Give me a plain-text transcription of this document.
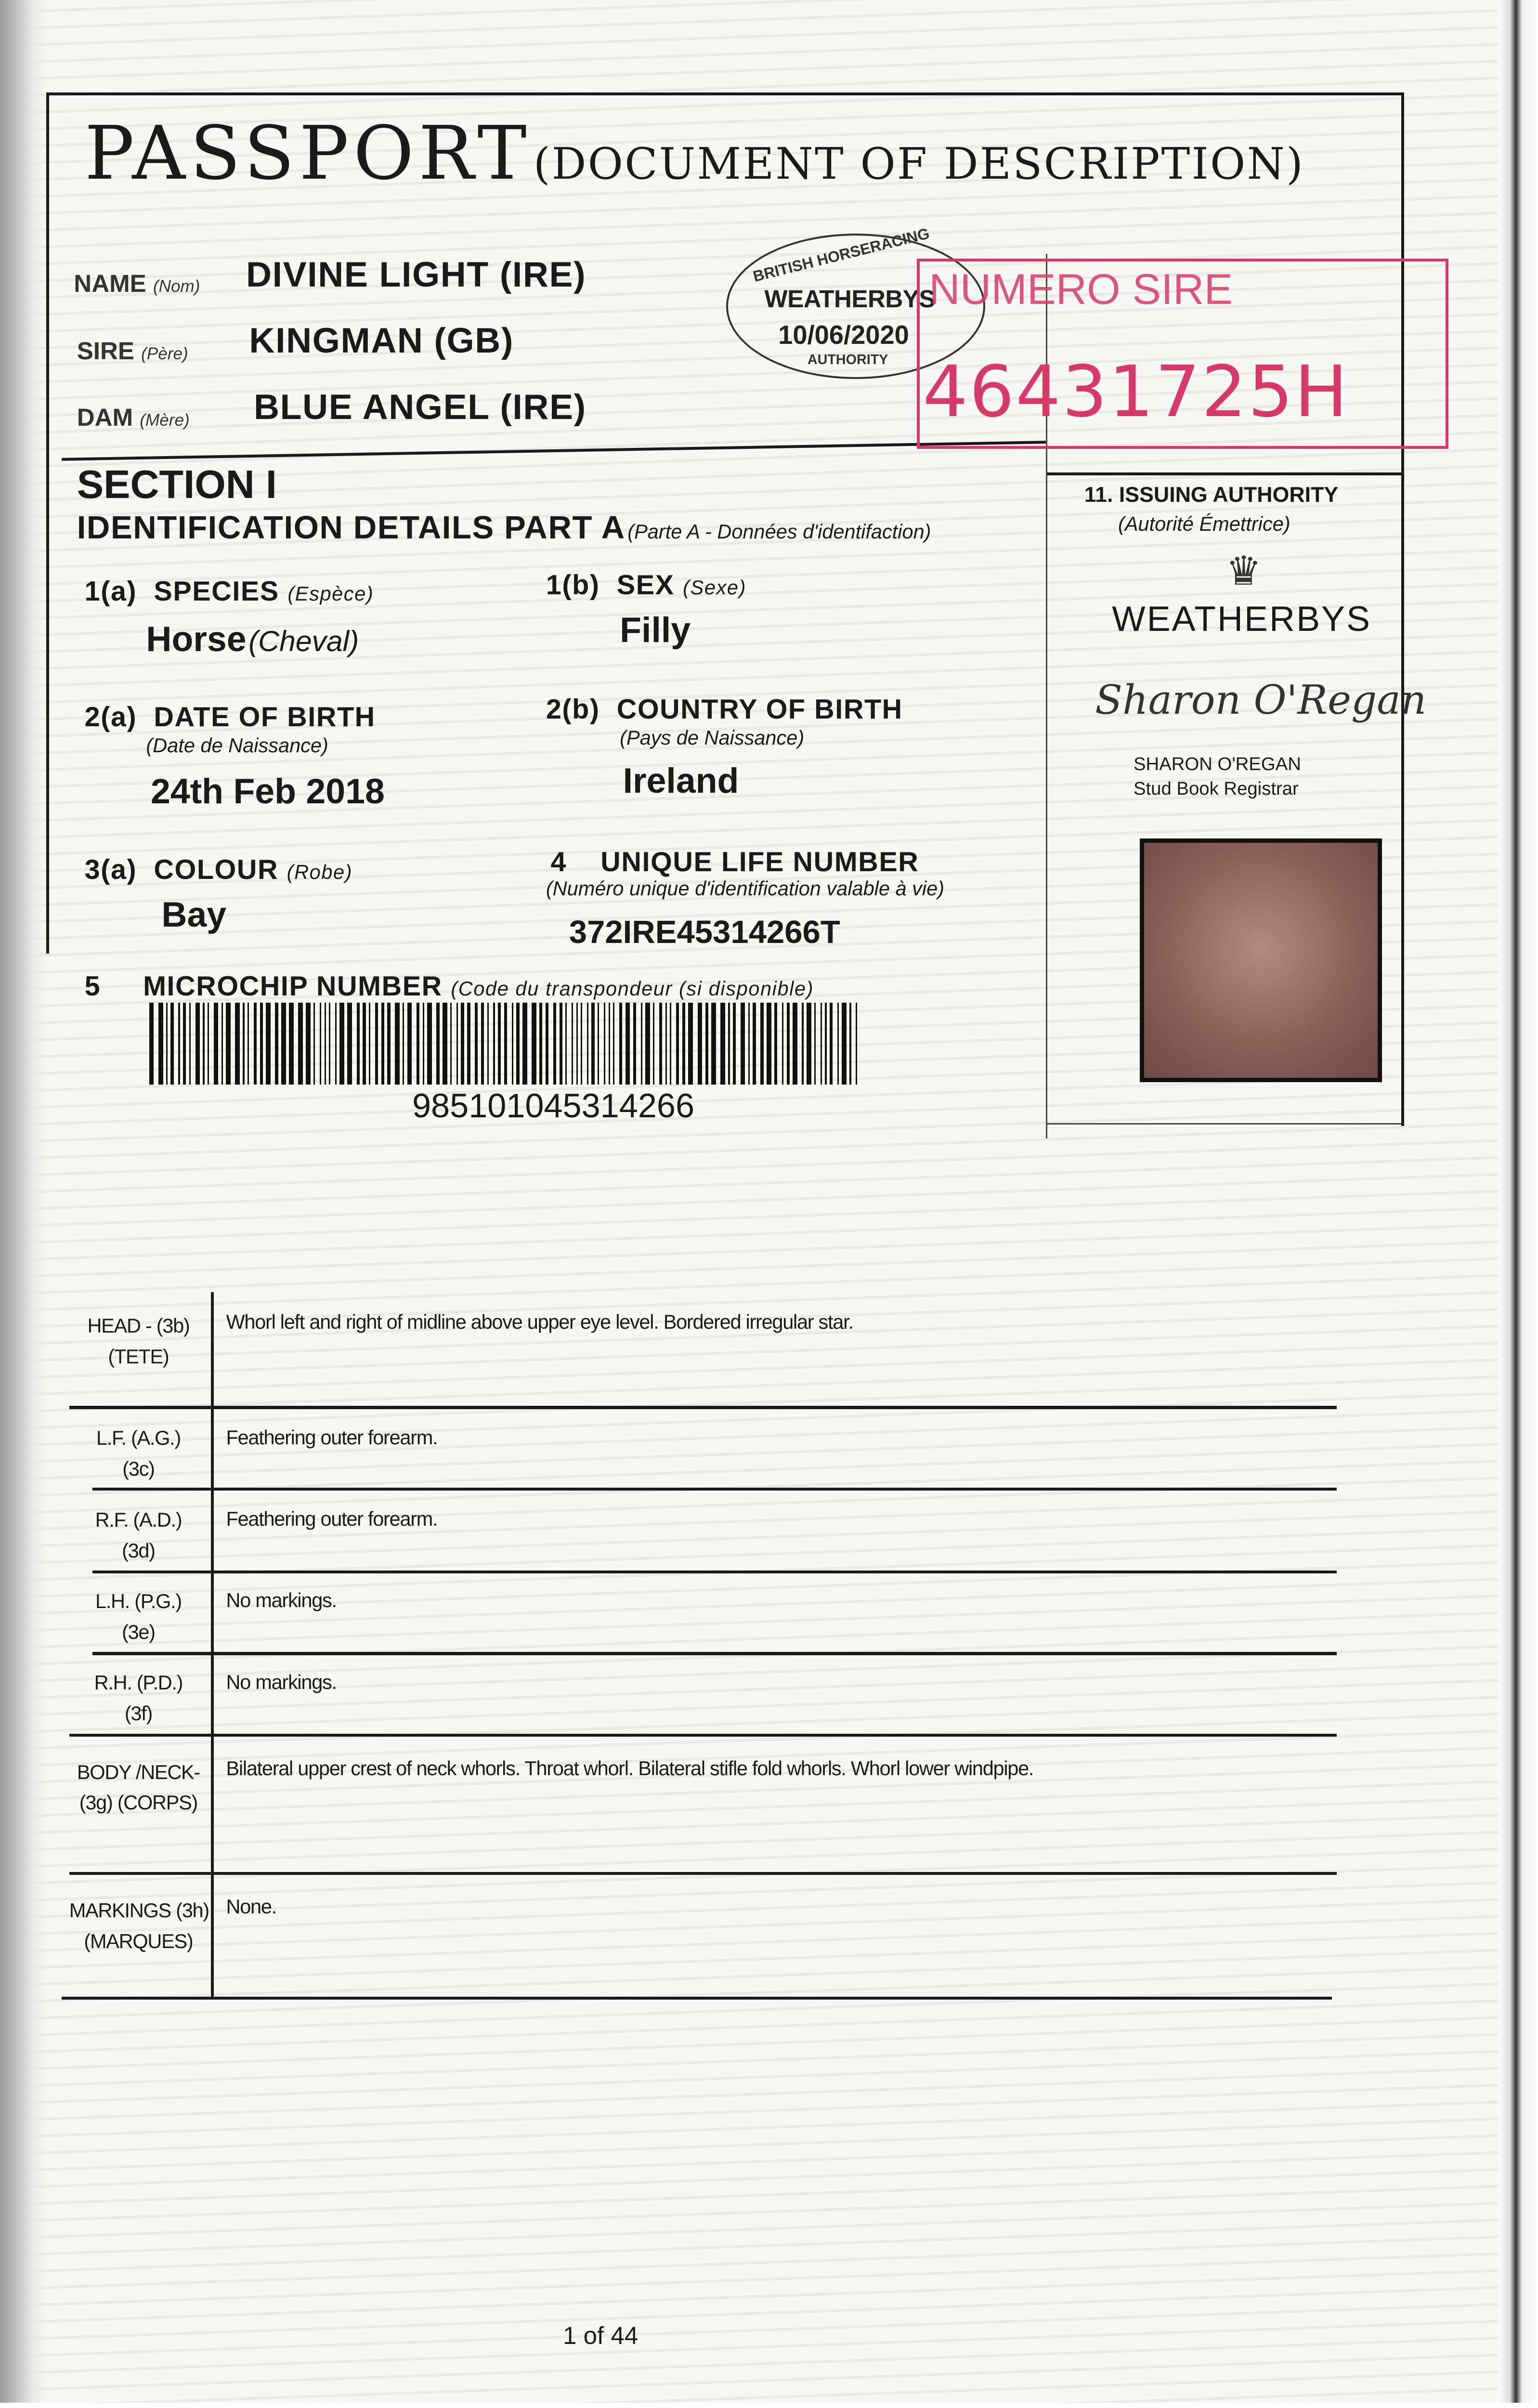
PASSPORT (DOCUMENT OF DESCRIPTION)
NAME (Nom) DIVINE LIGHT (IRE)
SIRE (Père) KINGMAN (GB)
DAM (Mère) BLUE ANGEL (IRE)
BRITISH HORSERACING
WEATHERBYS
10/06/2020
AUTHORITY
NUMERO SIRE
46431725H
SECTION I
IDENTIFICATION DETAILS PART A (Parte A - Données d'identifaction)
1(a) SPECIES (Espèce)
Horse (Cheval)
1(b) SEX (Sexe)
Filly
2(a) DATE OF BIRTH
(Date de Naissance)
24th Feb 2018
2(b) COUNTRY OF BIRTH
(Pays de Naissance)
Ireland
3(a) COLOUR (Robe)
Bay
4 UNIQUE LIFE NUMBER
(Numéro unique d'identification valable à vie)
372IRE45314266T
5 MICROCHIP NUMBER (Code du transpondeur (si disponible)
985101045314266
11. ISSUING AUTHORITY
(Autorité Émettrice)
♛
WEATHERBYS
Sharon O'Regan
SHARON O'REGAN
Stud Book Registrar
HEAD - (3b)
(TETE)
Whorl left and right of midline above upper eye level. Bordered irregular star.
L.F. (A.G.)
(3c)
Feathering outer forearm.
R.F. (A.D.)
(3d)
Feathering outer forearm.
L.H. (P.G.)
(3e)
No markings.
R.H. (P.D.)
(3f)
No markings.
BODY /NECK-
(3g) (CORPS)
Bilateral upper crest of neck whorls. Throat whorl. Bilateral stifle fold whorls. Whorl lower windpipe.
MARKINGS (3h)
(MARQUES)
None.
1 of 44
